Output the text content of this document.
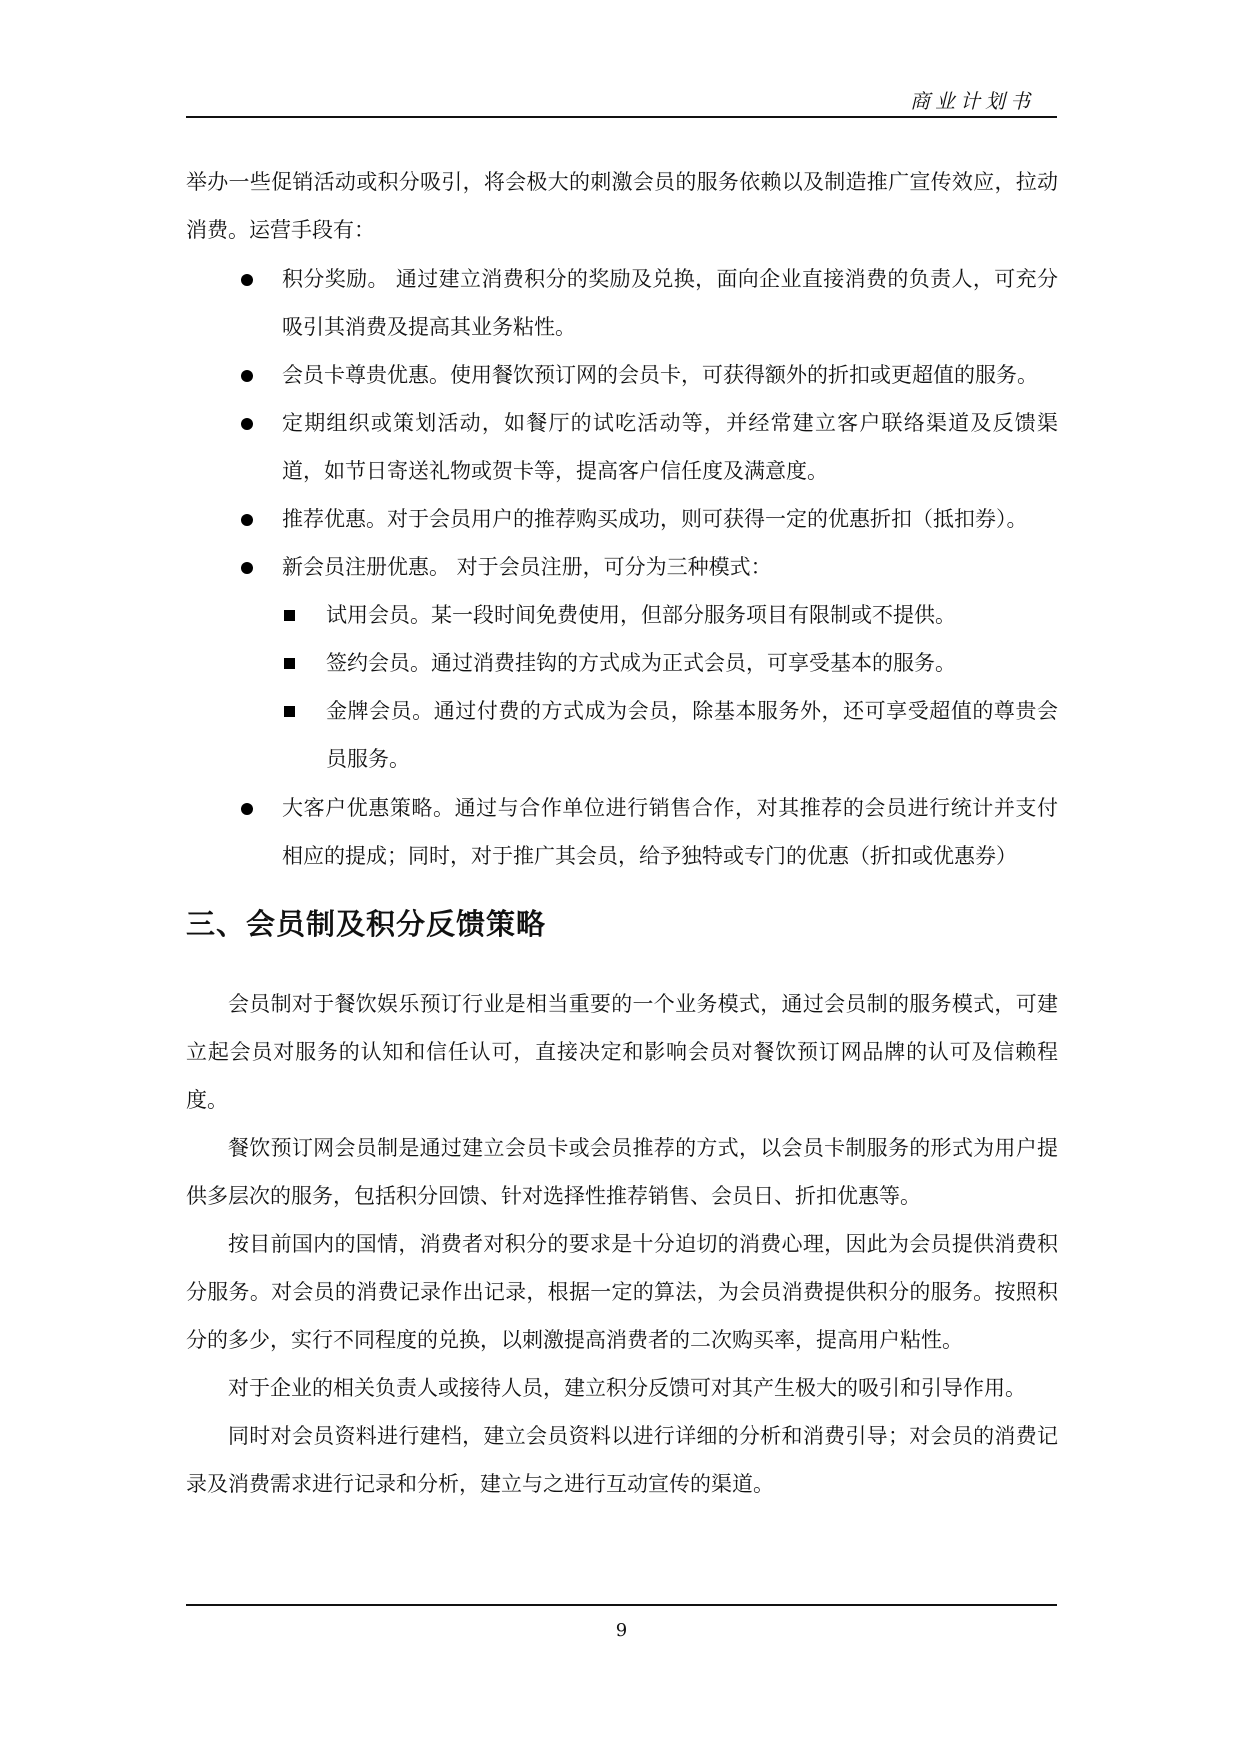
商业计划书

举办一些促销活动或积分吸引，将会极大的刺激会员的服务依赖以及制造推广宣传效应，拉动消费。运营手段有：

积分奖励。 通过建立消费积分的奖励及兑换，面向企业直接消费的负责人，可充分吸引其消费及提高其业务粘性。
会员卡尊贵优惠。使用餐饮预订网的会员卡，可获得额外的折扣或更超值的服务。
定期组织或策划活动，如餐厅的试吃活动等，并经常建立客户联络渠道及反馈渠道，如节日寄送礼物或贺卡等，提高客户信任度及满意度。
推荐优惠。对于会员用户的推荐购买成功，则可获得一定的优惠折扣（抵扣券）。
新会员注册优惠。 对于会员注册，可分为三种模式：
试用会员。某一段时间免费使用，但部分服务项目有限制或不提供。
签约会员。通过消费挂钩的方式成为正式会员，可享受基本的服务。
金牌会员。通过付费的方式成为会员，除基本服务外，还可享受超值的尊贵会员服务。
大客户优惠策略。通过与合作单位进行销售合作，对其推荐的会员进行统计并支付相应的提成；同时，对于推广其会员，给予独特或专门的优惠（折扣或优惠券）
三、会员制及积分反馈策略

会员制对于餐饮娱乐预订行业是相当重要的一个业务模式，通过会员制的服务模式，可建立起会员对服务的认知和信任认可，直接决定和影响会员对餐饮预订网品牌的认可及信赖程度。

餐饮预订网会员制是通过建立会员卡或会员推荐的方式，以会员卡制服务的形式为用户提供多层次的服务，包括积分回馈、针对选择性推荐销售、会员日、折扣优惠等。

按目前国内的国情，消费者对积分的要求是十分迫切的消费心理，因此为会员提供消费积分服务。对会员的消费记录作出记录，根据一定的算法，为会员消费提供积分的服务。按照积分的多少，实行不同程度的兑换，以刺激提高消费者的二次购买率，提高用户粘性。

对于企业的相关负责人或接待人员，建立积分反馈可对其产生极大的吸引和引导作用。

同时对会员资料进行建档，建立会员资料以进行详细的分析和消费引导；对会员的消费记录及消费需求进行记录和分析，建立与之进行互动宣传的渠道。

9
